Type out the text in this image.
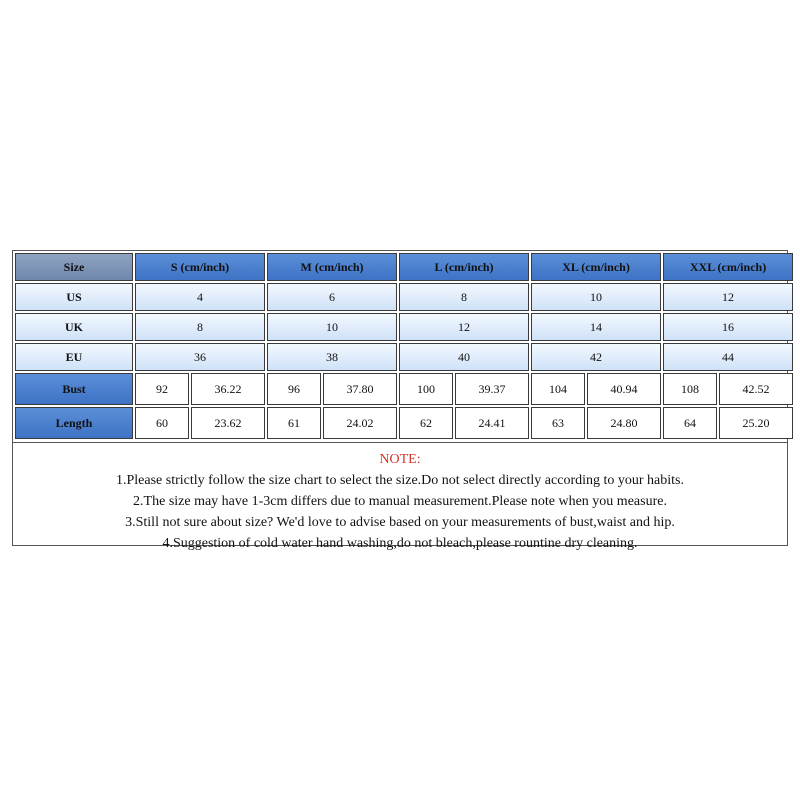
Size	S (cm/inch)		M (cm/inch)		L (cm/inch)		XL (cm/inch)		XXL (cm/inch)	
US	4		6		8		10		12	
UK	8		10		12		14		16	
EU	36		38		40		42		44	
Bust	92	36.22	96	37.80	100	39.37	104	40.94	108	42.52
Length	60	23.62	61	24.02	62	24.41	63	24.80	64	25.20
NOTE:
1.Please strictly follow the size chart to select the size.Do not select directly according to your habits.
2.The size may have 1-3cm differs due to manual measurement.Please note when you measure.
3.Still not sure about size? We'd love to advise based on your measurements of bust,waist and hip.
4.Suggestion of cold water hand washing,do not bleach,please rountine dry cleaning.
